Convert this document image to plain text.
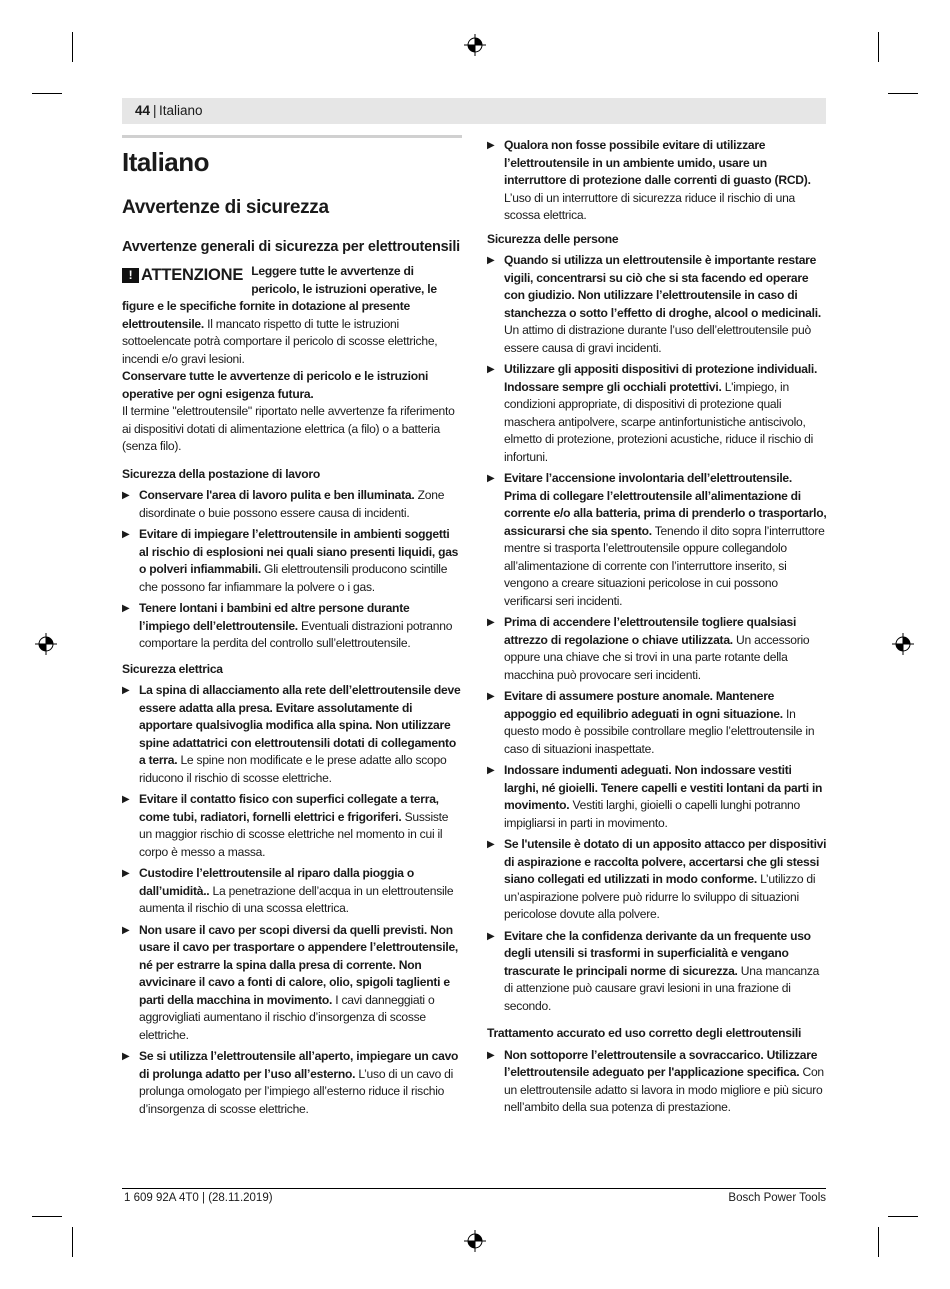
44 | Italiano
Italiano
Avvertenze di sicurezza
Avvertenze generali di sicurezza per elettroutensili
! ATTENZIONE Leggere tutte le avvertenze di pericolo, le istruzioni operative, le figure e le specifiche fornite in dotazione al presente elettroutensile. Il mancato rispetto di tutte le istruzioni sottoelencate potrà comportare il pericolo di scosse elettriche, incendi e/o gravi lesioni.

Conservare tutte le avvertenze di pericolo e le istruzioni operative per ogni esigenza futura.

Il termine "elettroutensile" riportato nelle avvertenze fa riferimento ai dispositivi dotati di alimentazione elettrica (a filo) o a batteria (senza filo).

Sicurezza della postazione di lavoro
▶ Conservare l'area di lavoro pulita e ben illuminata. Zone disordinate o buie possono essere causa di incidenti.
▶ Evitare di impiegare l’elettroutensile in ambienti soggetti al rischio di esplosioni nei quali siano presenti liquidi, gas o polveri infiammabili. Gli elettroutensili producono scintille che possono far infiammare la polvere o i gas.
▶ Tenere lontani i bambini ed altre persone durante l’impiego dell’elettroutensile. Eventuali distrazioni potranno comportare la perdita del controllo sull’elettroutensile.
Sicurezza elettrica
▶ La spina di allacciamento alla rete dell’elettroutensile deve essere adatta alla presa. Evitare assolutamente di apportare qualsivoglia modifica alla spina. Non utilizzare spine adattatrici con elettroutensili dotati di collegamento a terra. Le spine non modificate e le prese adatte allo scopo riducono il rischio di scosse elettriche.
▶ Evitare il contatto fisico con superfici collegate a terra, come tubi, radiatori, fornelli elettrici e frigoriferi. Sussiste un maggior rischio di scosse elettriche nel momento in cui il corpo è messo a massa.
▶ Custodire l’elettroutensile al riparo dalla pioggia o dall’umidità.. La penetrazione dell’acqua in un elettroutensile aumenta il rischio di una scossa elettrica.
▶ Non usare il cavo per scopi diversi da quelli previsti. Non usare il cavo per trasportare o appendere l’elettroutensile, né per estrarre la spina dalla presa di corrente. Non avvicinare il cavo a fonti di calore, olio, spigoli taglienti e parti della macchina in movimento. I cavi danneggiati o aggrovigliati aumentano il rischio d’insorgenza di scosse elettriche.
▶ Se si utilizza l’elettroutensile all’aperto, impiegare un cavo di prolunga adatto per l’uso all’esterno. L’uso di un cavo di prolunga omologato per l’impiego all’esterno riduce il rischio d’insorgenza di scosse elettriche.
▶ Qualora non fosse possibile evitare di utilizzare l’elettroutensile in un ambiente umido, usare un interruttore di protezione dalle correnti di guasto (RCD). L’uso di un interruttore di sicurezza riduce il rischio di una scossa elettrica.
Sicurezza delle persone
▶ Quando si utilizza un elettroutensile è importante restare vigili, concentrarsi su ciò che si sta facendo ed operare con giudizio. Non utilizzare l’elettroutensile in caso di stanchezza o sotto l’effetto di droghe, alcool o medicinali. Un attimo di distrazione durante l’uso dell’elettroutensile può essere causa di gravi incidenti.
▶ Utilizzare gli appositi dispositivi di protezione individuali. Indossare sempre gli occhiali protettivi. L'impiego, in condizioni appropriate, di dispositivi di protezione quali maschera antipolvere, scarpe antinfortunistiche antiscivolo, elmetto di protezione, protezioni acustiche, riduce il rischio di infortuni.
▶ Evitare l’accensione involontaria dell’elettroutensile. Prima di collegare l’elettroutensile all’alimentazione di corrente e/o alla batteria, prima di prenderlo o trasportarlo, assicurarsi che sia spento. Tenendo il dito sopra l’interruttore mentre si trasporta l’elettroutensile oppure collegandolo all’alimentazione di corrente con l’interruttore inserito, si vengono a creare situazioni pericolose in cui possono verificarsi seri incidenti.
▶ Prima di accendere l’elettroutensile togliere qualsiasi attrezzo di regolazione o chiave utilizzata. Un accessorio oppure una chiave che si trovi in una parte rotante della macchina può provocare seri incidenti.
▶ Evitare di assumere posture anomale. Mantenere appoggio ed equilibrio adeguati in ogni situazione. In questo modo è possibile controllare meglio l’elettroutensile in caso di situazioni inaspettate.
▶ Indossare indumenti adeguati. Non indossare vestiti larghi, né gioielli. Tenere capelli e vestiti lontani da parti in movimento. Vestiti larghi, gioielli o capelli lunghi potranno impigliarsi in parti in movimento.
▶ Se l'utensile è dotato di un apposito attacco per dispositivi di aspirazione e raccolta polvere, accertarsi che gli stessi siano collegati ed utilizzati in modo conforme. L’utilizzo di un’aspirazione polvere può ridurre lo sviluppo di situazioni pericolose dovute alla polvere.
▶ Evitare che la confidenza derivante da un frequente uso degli utensili si trasformi in superficialità e vengano trascurate le principali norme di sicurezza. Una mancanza di attenzione può causare gravi lesioni in una frazione di secondo.
Trattamento accurato ed uso corretto degli elettroutensili
▶ Non sottoporre l’elettroutensile a sovraccarico. Utilizzare l’elettroutensile adeguato per l'applicazione specifica. Con un elettroutensile adatto si lavora in modo migliore e più sicuro nell’ambito della sua potenza di prestazione.
1 609 92A 4T0 | (28.11.2019)	Bosch Power Tools
